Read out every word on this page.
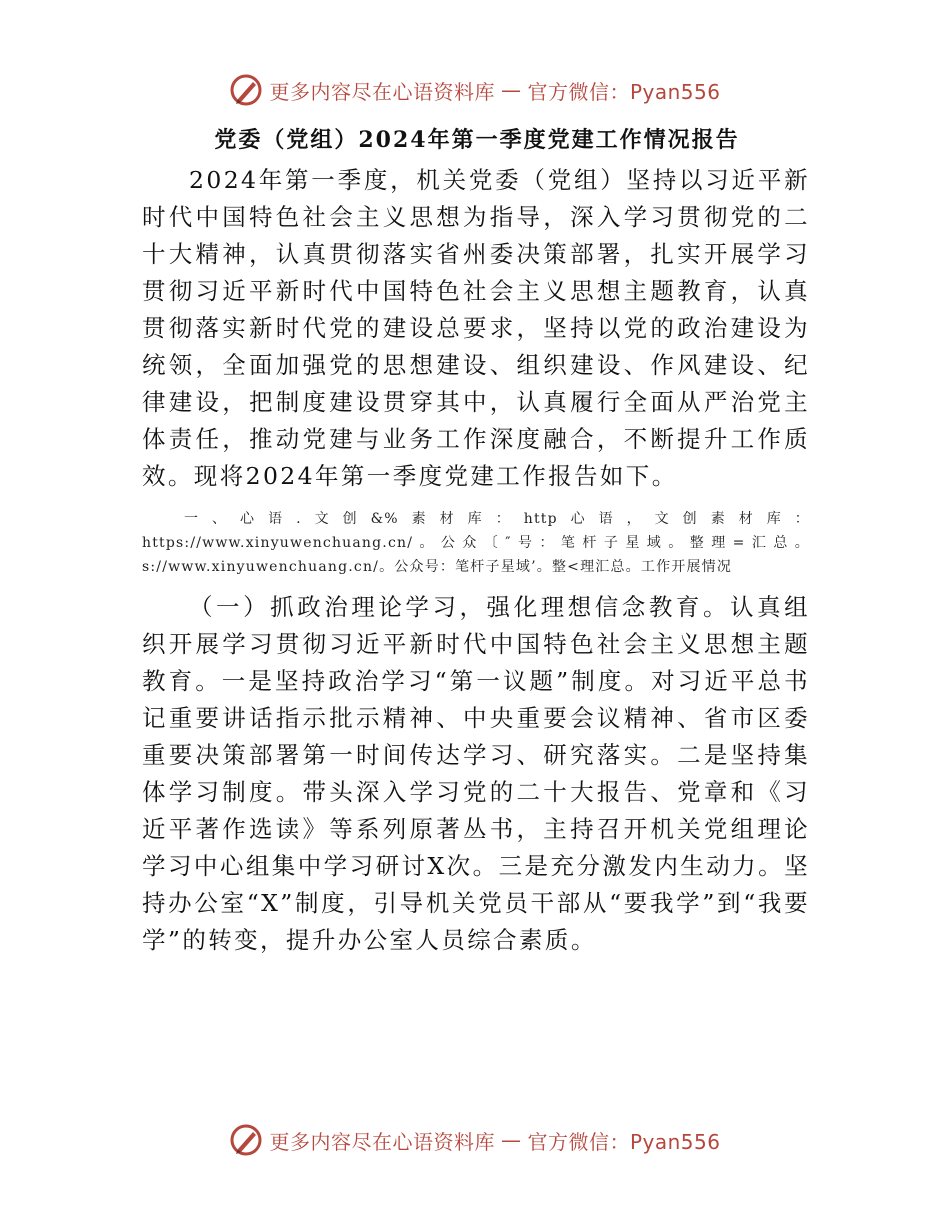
更多内容尽在心语资料库 — 官方微信：Pyan556
党委（党组）2024年第一季度党建工作情况报告

2024年第一季度，机关党委（党组）坚持以习近平新时代中国特色社会主义思想为指导，深入学习贯彻党的二十大精神，认真贯彻落实省州委决策部署，扎实开展学习贯彻习近平新时代中国特色社会主义思想主题教育，认真贯彻落实新时代党的建设总要求，坚持以党的政治建设为统领，全面加强党的思想建设、组织建设、作风建设、纪律建设，把制度建设贯穿其中，认真履行全面从严治党主体责任，推动党建与业务工作深度融合，不断提升工作质效。现将2024年第一季度党建工作报告如下。

一、心语.文创&%素材库：http心语，文创素材库：https://www.xinyuwenchuang.cn/。公众〔″号：笔杆子星域。整理=汇总。s://www.xinyuwenchuang.cn/。公众号：笔杆子星域’。整<理汇总。工作开展情况

（一）抓政治理论学习，强化理想信念教育。认真组织开展学习贯彻习近平新时代中国特色社会主义思想主题教育。一是坚持政治学习“第一议题”制度。对习近平总书记重要讲话指示批示精神、中央重要会议精神、省市区委重要决策部署第一时间传达学习、研究落实。二是坚持集体学习制度。带头深入学习党的二十大报告、党章和《习近平著作选读》等系列原著丛书，主持召开机关党组理论学习中心组集中学习研讨X次。三是充分激发内生动力。坚持办公室“X”制度，引导机关党员干部从“要我学”到“我要学”的转变，提升办公室人员综合素质。

更多内容尽在心语资料库 — 官方微信：Pyan556
